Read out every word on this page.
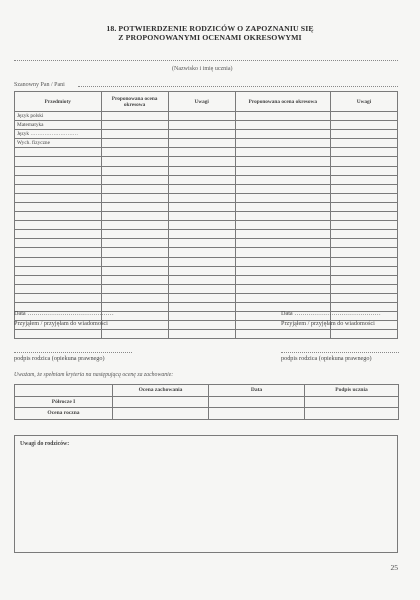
18. POTWIERDZENIE RODZICÓW O ZAPOZNANIU SIĘ
Z PROPONOWANYMI OCENAMI OKRESOWYMI
(Nazwisko i imię ucznia)
Szanowny Pan / Pani
Przedmioty	Proponowana ocena okresowa	Uwagi	Proponowana ocena okresowa	Uwagi
Język polski				
Matematyka				
Język ………………………				
Wych. fizyczne				

Data ……………………………………
Przyjąłem / przyjęłam do wiadomości
podpis rodzica (opiekuna prawnego)
Data ……………………………………
Przyjąłem / przyjęłam do wiadomości
podpis rodzica (opiekuna prawnego)
Uważam, że spełniam kryteria na następującą ocenę za zachowanie:
	Ocena zachowania	Data	Podpis ucznia
Półrocze I			
Ocena roczna			
Uwagi do rodziców:
25
